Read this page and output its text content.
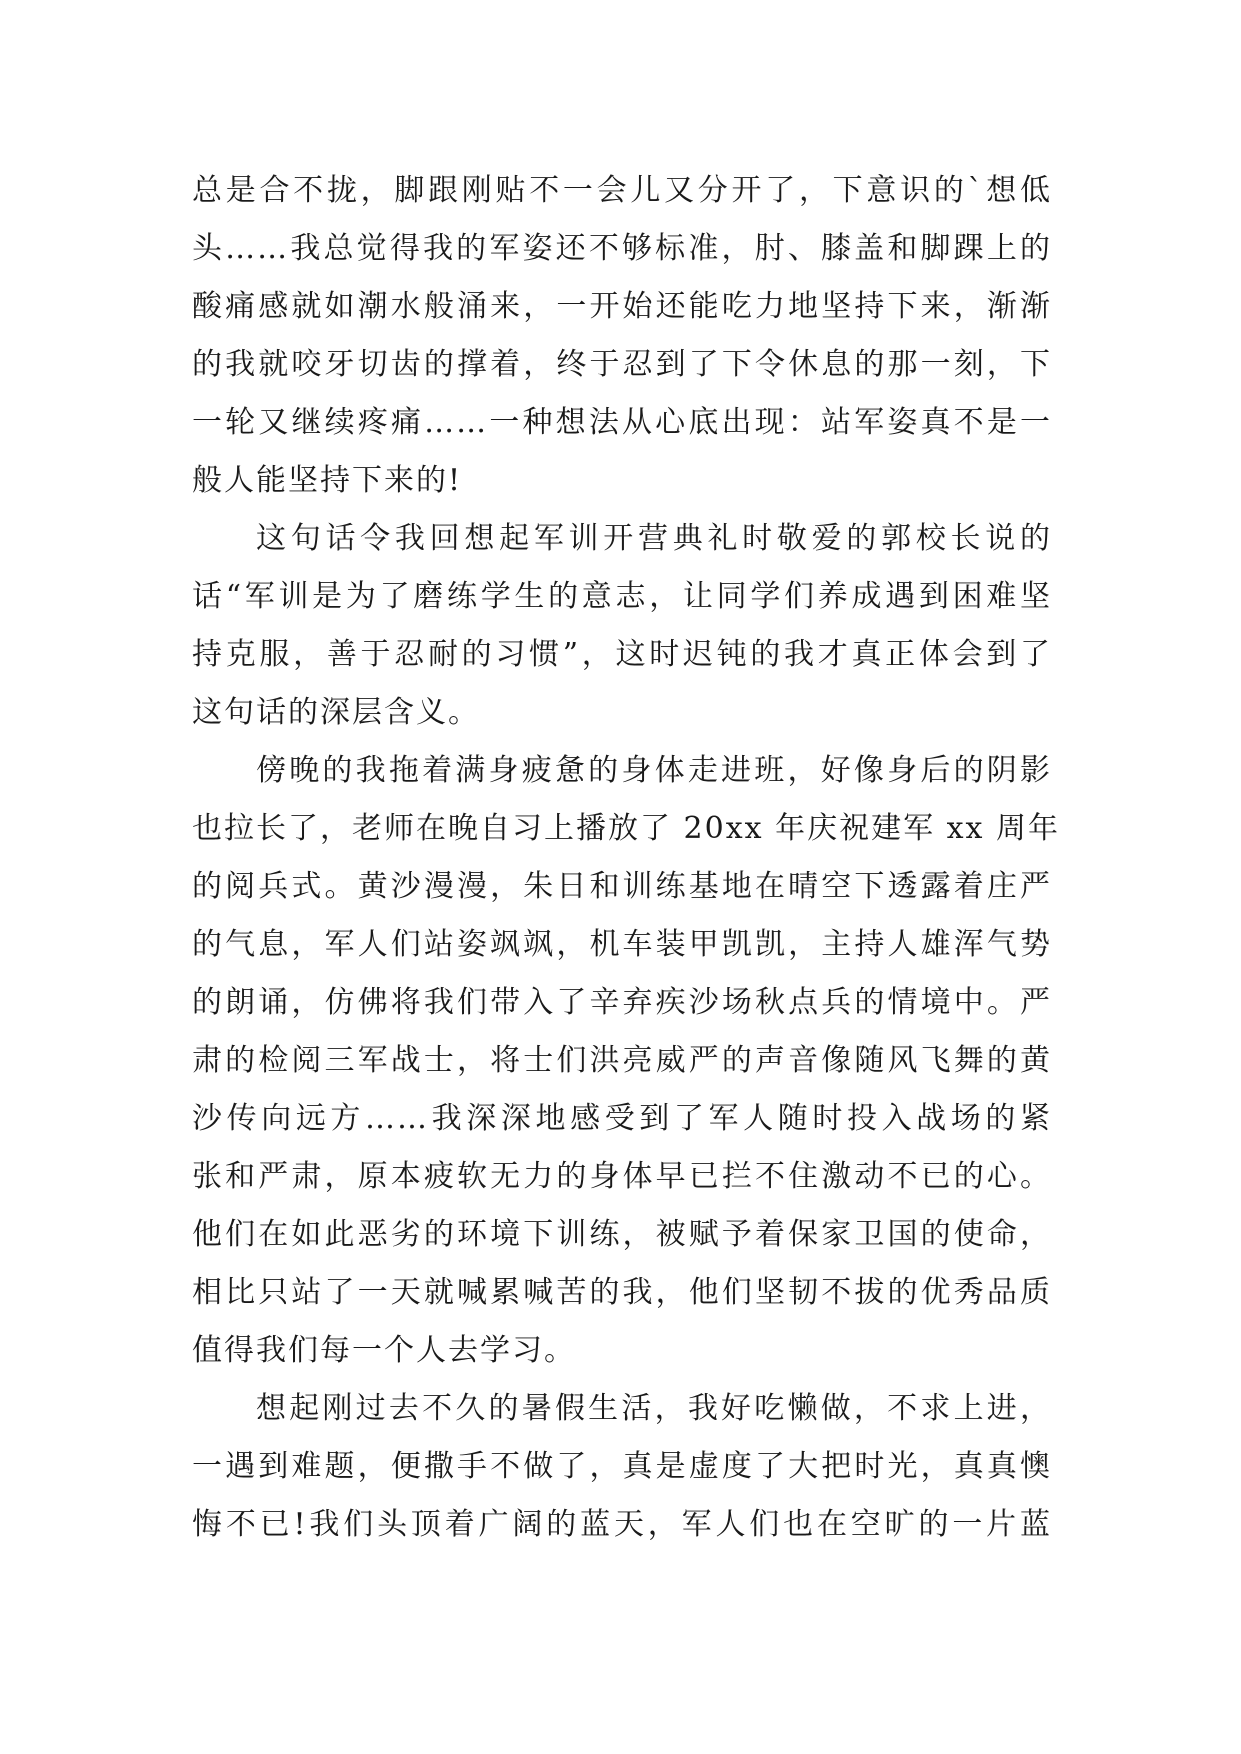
总是合不拢，脚跟刚贴不一会儿又分开了，下意识的`想低

头……我总觉得我的军姿还不够标准，肘、膝盖和脚踝上的

酸痛感就如潮水般涌来，一开始还能吃力地坚持下来，渐渐

的我就咬牙切齿的撑着，终于忍到了下令休息的那一刻，下

一轮又继续疼痛……一种想法从心底出现：站军姿真不是一

般人能坚持下来的!

这句话令我回想起军训开营典礼时敬爱的郭校长说的

话“军训是为了磨练学生的意志，让同学们养成遇到困难坚

持克服，善于忍耐的习惯”，这时迟钝的我才真正体会到了

这句话的深层含义。

傍晚的我拖着满身疲惫的身体走进班，好像身后的阴影

也拉长了，老师在晚自习上播放了 20xx 年庆祝建军 xx 周年

的阅兵式。黄沙漫漫，朱日和训练基地在晴空下透露着庄严

的气息，军人们站姿飒飒，机车装甲凯凯，主持人雄浑气势

的朗诵，仿佛将我们带入了辛弃疾沙场秋点兵的情境中。严

肃的检阅三军战士，将士们洪亮威严的声音像随风飞舞的黄

沙传向远方……我深深地感受到了军人随时投入战场的紧

张和严肃，原本疲软无力的身体早已拦不住激动不已的心。

他们在如此恶劣的环境下训练，被赋予着保家卫国的使命，

相比只站了一天就喊累喊苦的我，他们坚韧不拔的优秀品质

值得我们每一个人去学习。

想起刚过去不久的暑假生活，我好吃懒做，不求上进，

一遇到难题，便撒手不做了，真是虚度了大把时光，真真懊

悔不已!我们头顶着广阔的蓝天，军人们也在空旷的一片蓝
